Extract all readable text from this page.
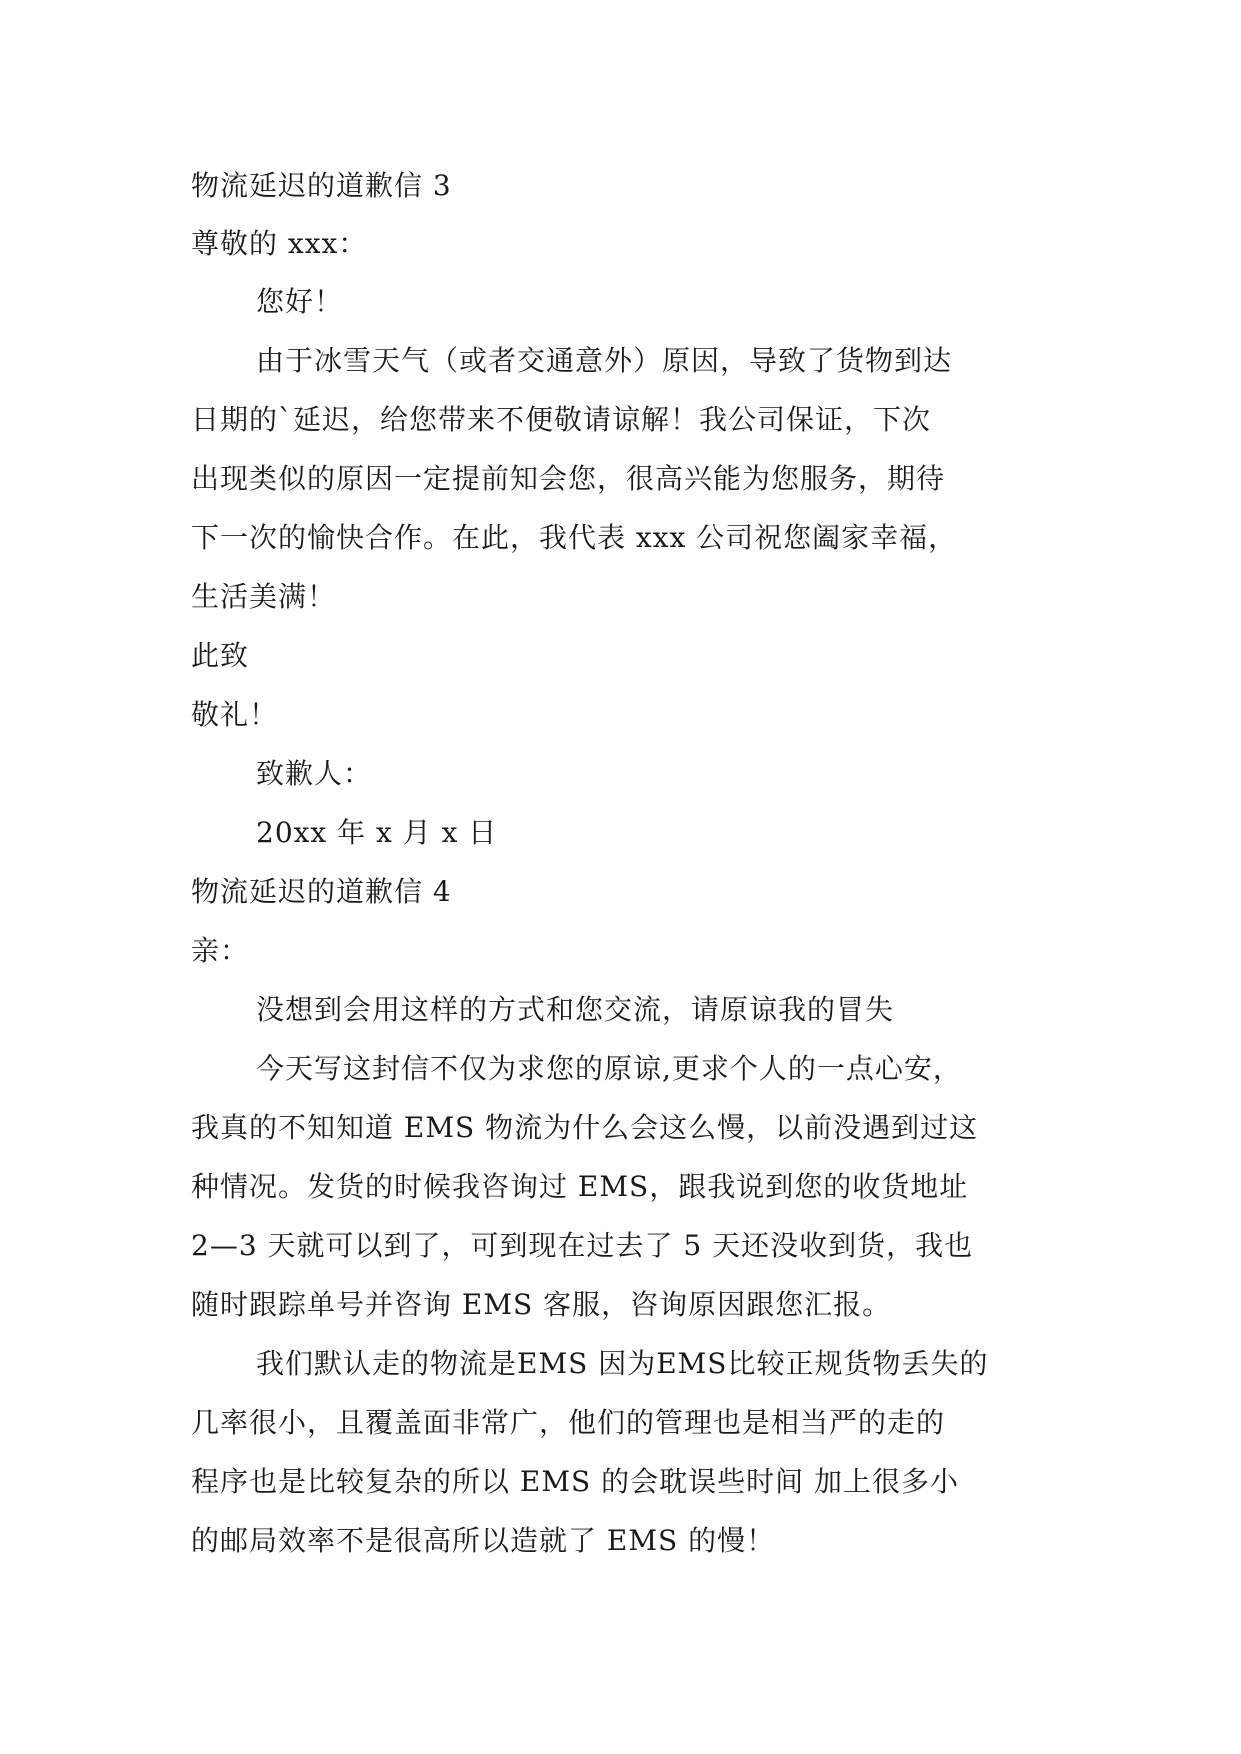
物流延迟的道歉信 3
尊敬的 xxx：
您好！
由于冰雪天气（或者交通意外）原因，导致了货物到达
日期的`延迟，给您带来不便敬请谅解！我公司保证，下次
出现类似的原因一定提前知会您，很高兴能为您服务，期待
下一次的愉快合作。在此，我代表 xxx 公司祝您阖家幸福，
生活美满！
此致
敬礼！
致歉人：
20xx 年 x 月 x 日
物流延迟的道歉信 4
亲：
没想到会用这样的方式和您交流，请原谅我的冒失
今天写这封信不仅为求您的原谅,更求个人的一点心安，
我真的不知知道 EMS 物流为什么会这么慢，以前没遇到过这
种情况。发货的时候我咨询过 EMS，跟我说到您的收货地址
2—3 天就可以到了，可到现在过去了 5 天还没收到货，我也
随时跟踪单号并咨询 EMS 客服，咨询原因跟您汇报。
我们默认走的物流是EMS 因为EMS比较正规货物丢失的
几率很小，且覆盖面非常广，他们的管理也是相当严的走的
程序也是比较复杂的所以 EMS 的会耽误些时间 加上很多小
的邮局效率不是很高所以造就了 EMS 的慢！
